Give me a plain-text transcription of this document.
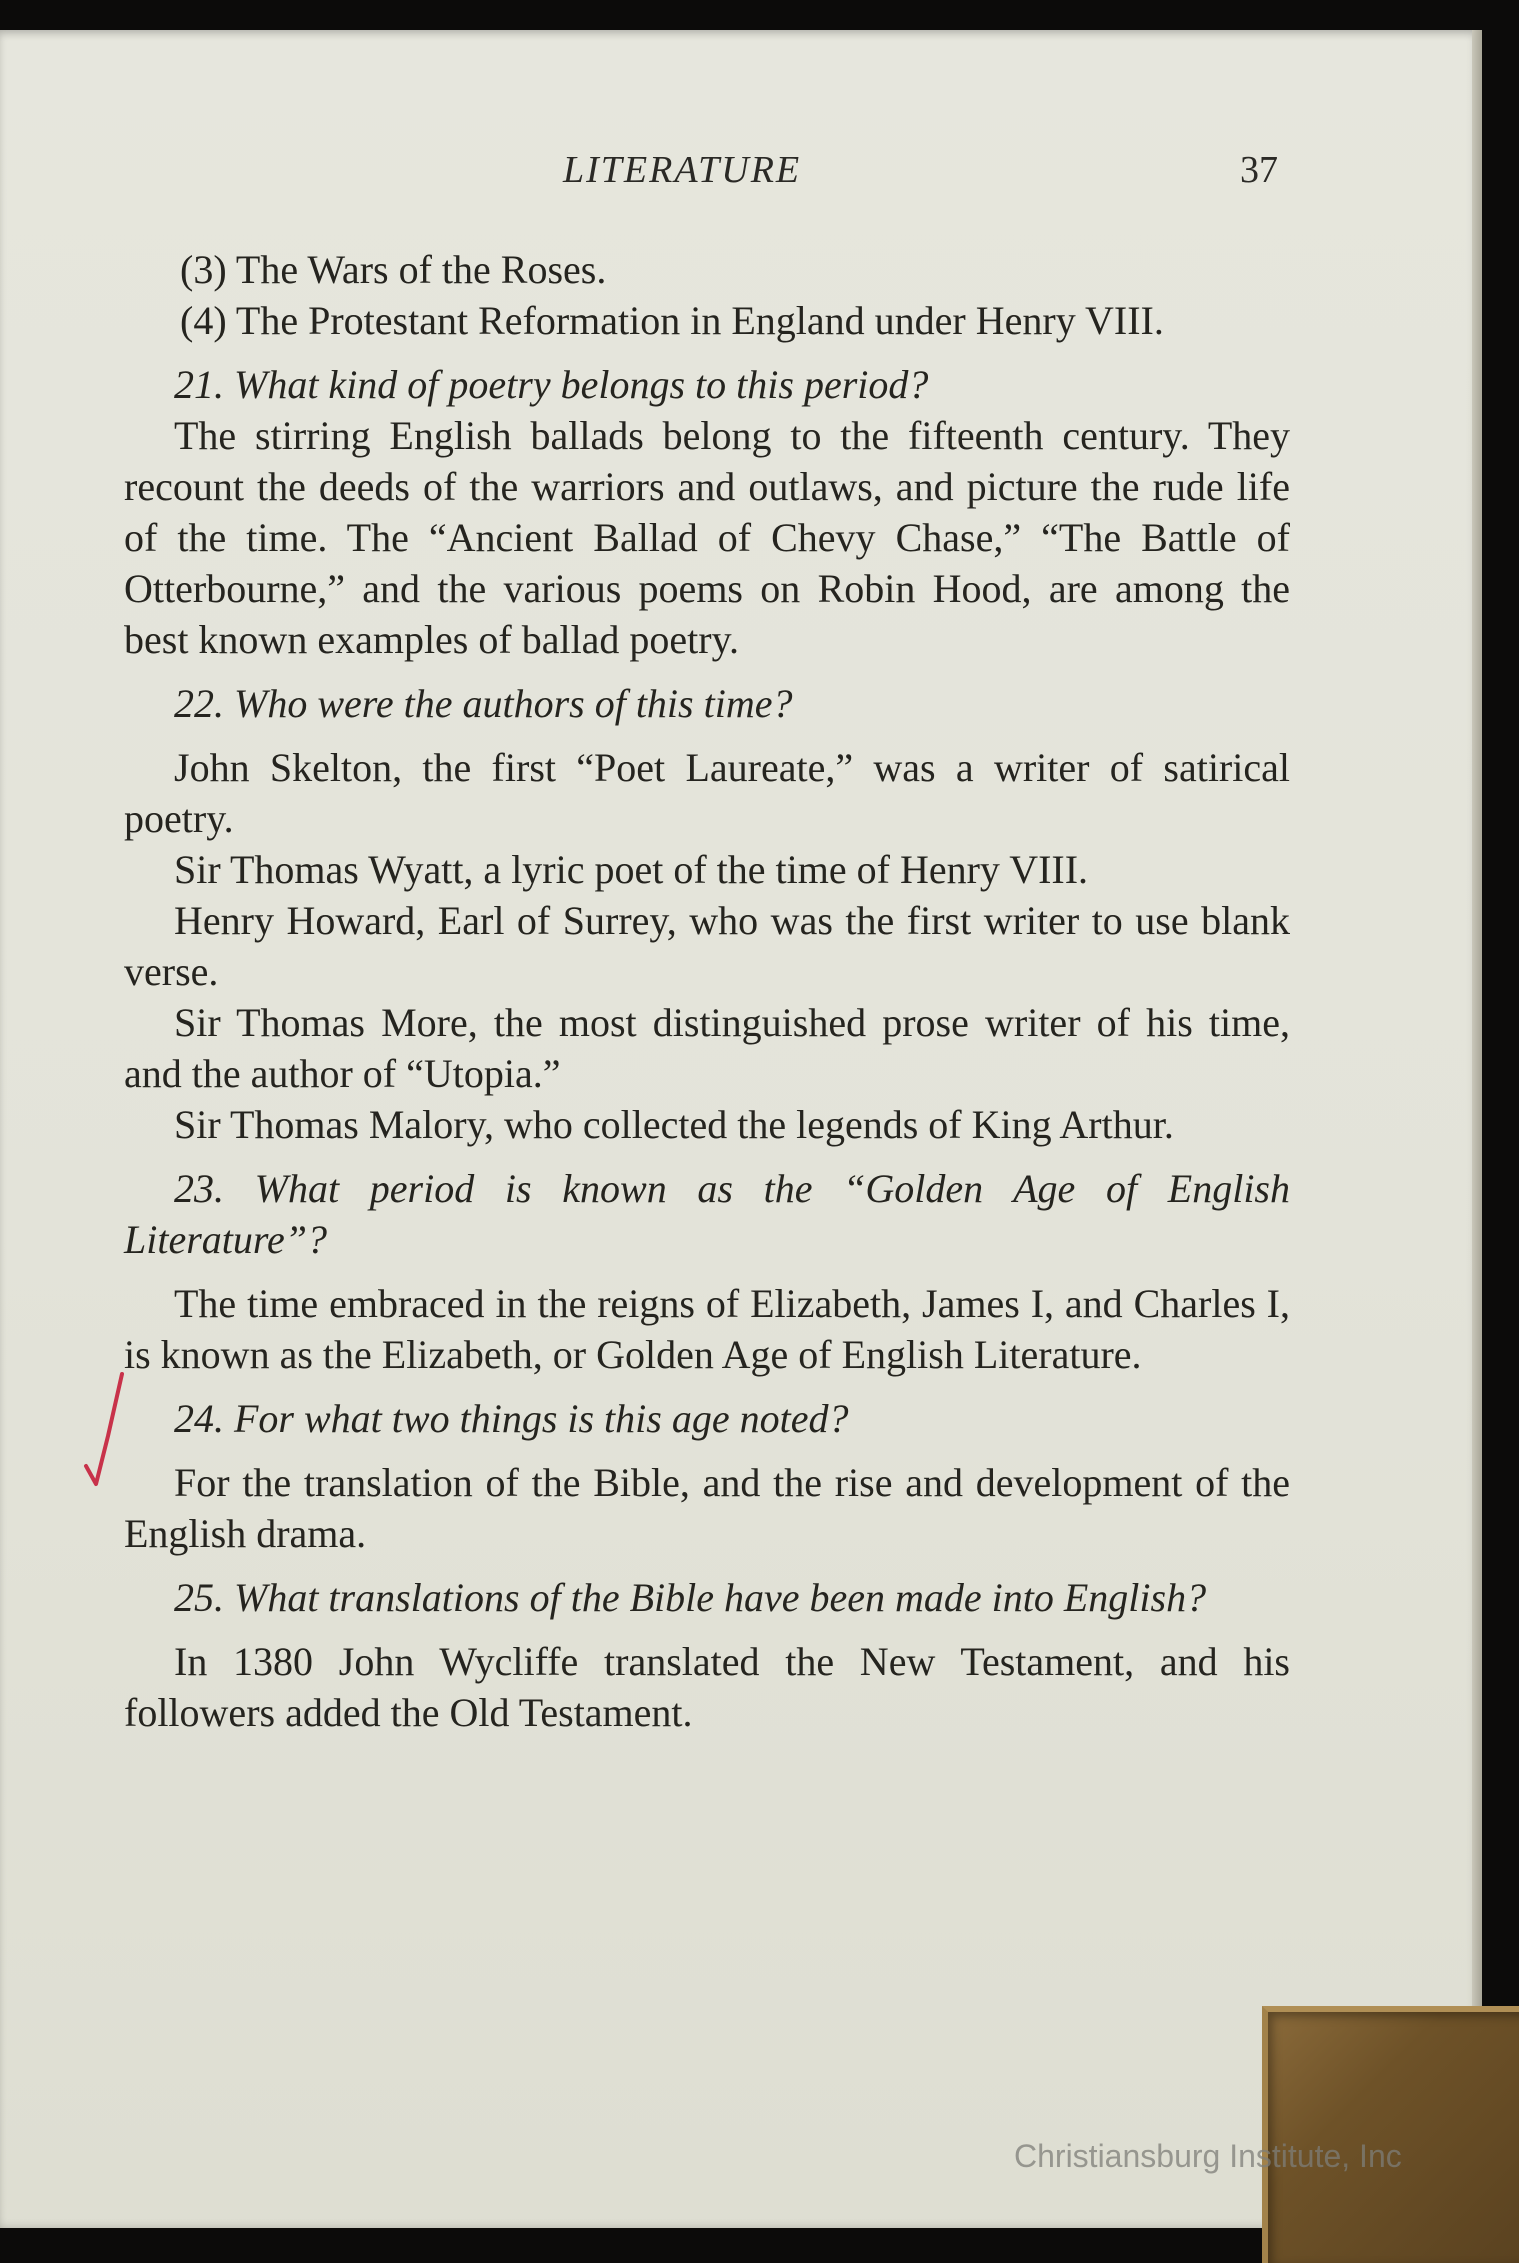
LITERATURE	37

(3) The Wars of the Roses.

(4) The Protestant Reformation in England under Henry VIII.

21. What kind of poetry belongs to this period?

The stirring English ballads belong to the fifteenth century. They recount the deeds of the warriors and outlaws, and picture the rude life of the time. The “Ancient Ballad of Chevy Chase,” “The Battle of Otterbourne,” and the various poems on Robin Hood, are among the best known examples of ballad poetry.

22. Who were the authors of this time?

John Skelton, the first “Poet Laureate,” was a writer of satirical poetry.

Sir Thomas Wyatt, a lyric poet of the time of Henry VIII.

Henry Howard, Earl of Surrey, who was the first writer to use blank verse.

Sir Thomas More, the most distinguished prose writer of his time, and the author of “Utopia.”

Sir Thomas Malory, who collected the legends of King Arthur.

23. What period is known as the “Golden Age of English Literature”?

The time embraced in the reigns of Elizabeth, James I, and Charles I, is known as the Elizabeth, or Golden Age of English Literature.

24. For what two things is this age noted?

For the translation of the Bible, and the rise and development of the English drama.

25. What translations of the Bible have been made into English?

In 1380 John Wycliffe translated the New Testament, and his followers added the Old Testament.

Christiansburg Institute, Inc
